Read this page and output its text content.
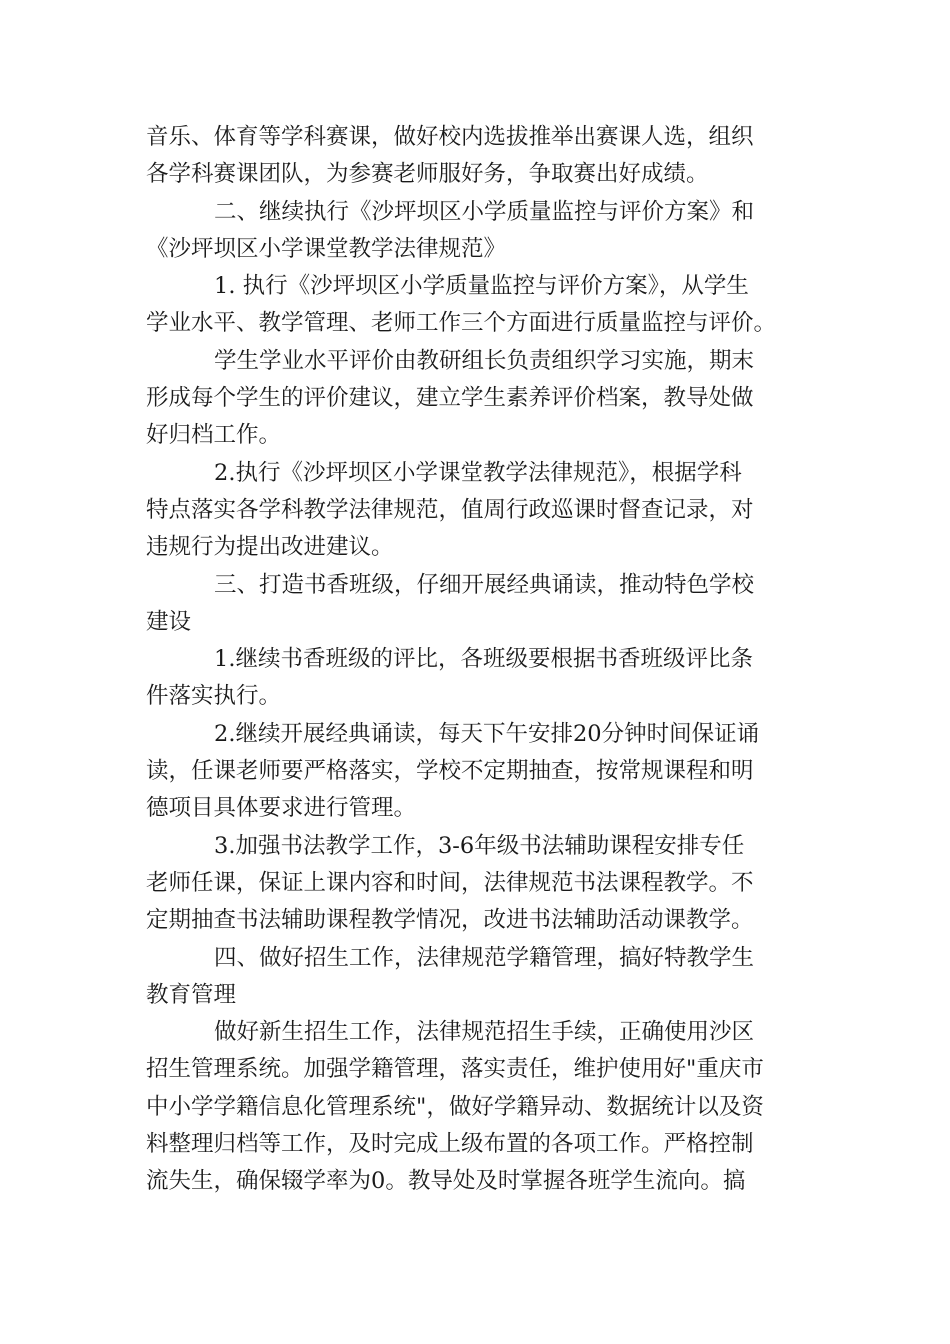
音乐、体育等学科赛课，做好校内选拔推举出赛课人选，组织
各学科赛课团队，为参赛老师服好务，争取赛出好成绩。
二、继续执行《沙坪坝区小学质量监控与评价方案》和
《沙坪坝区小学课堂教学法律规范》
1. 执行《沙坪坝区小学质量监控与评价方案》，从学生
学业水平、教学管理、老师工作三个方面进行质量监控与评价。
学生学业水平评价由教研组长负责组织学习实施，期末
形成每个学生的评价建议，建立学生素养评价档案，教导处做
好归档工作。
2.执行《沙坪坝区小学课堂教学法律规范》，根据学科
特点落实各学科教学法律规范，值周行政巡课时督查记录，对
违规行为提出改进建议。
三、打造书香班级，仔细开展经典诵读，推动特色学校
建设
1.继续书香班级的评比，各班级要根据书香班级评比条
件落实执行。
2.继续开展经典诵读，每天下午安排20分钟时间保证诵
读，任课老师要严格落实，学校不定期抽查，按常规课程和明
德项目具体要求进行管理。
3.加强书法教学工作，3-6年级书法辅助课程安排专任
老师任课，保证上课内容和时间，法律规范书法课程教学。不
定期抽查书法辅助课程教学情况，改进书法辅助活动课教学。
四、做好招生工作，法律规范学籍管理，搞好特教学生
教育管理
做好新生招生工作，法律规范招生手续，正确使用沙区
招生管理系统。加强学籍管理，落实责任，维护使用好"重庆市
中小学学籍信息化管理系统"，做好学籍异动、数据统计以及资
料整理归档等工作，及时完成上级布置的各项工作。严格控制
流失生，确保辍学率为0。教导处及时掌握各班学生流向。搞
